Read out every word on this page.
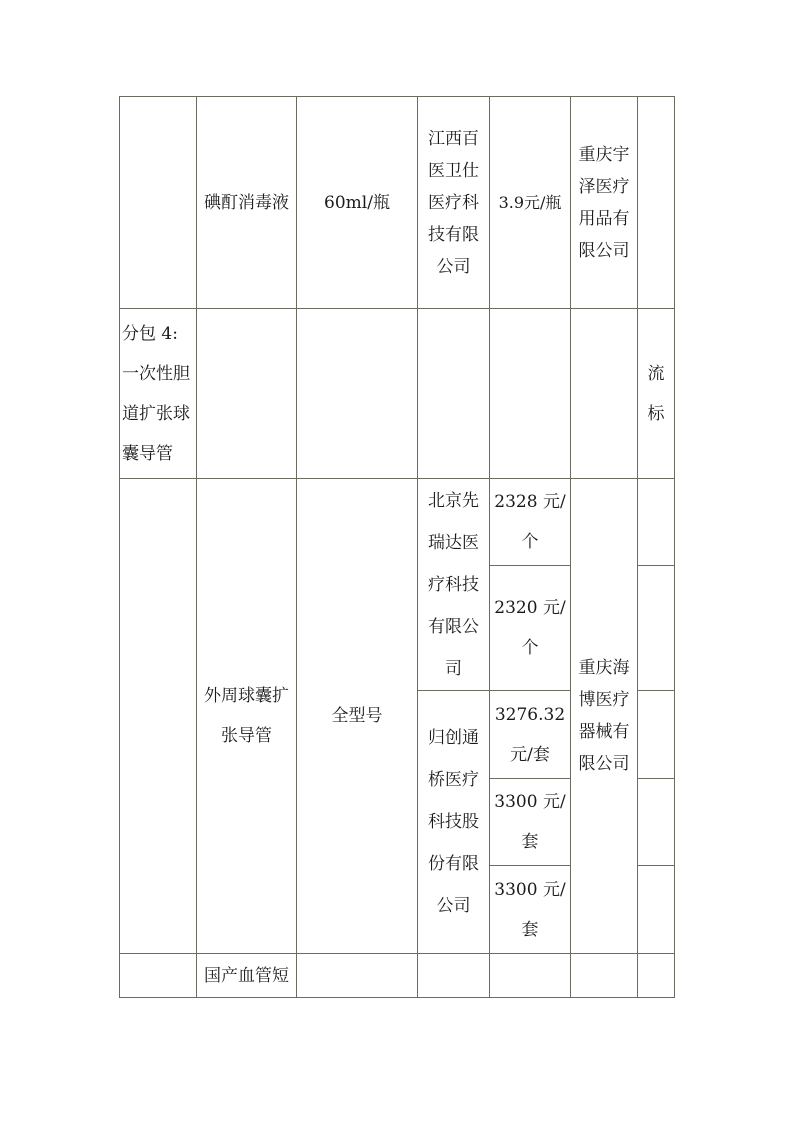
	碘酊消毒液	60ml/瓶	江西百
医卫仕
医疗科
技有限
公司	3.9元/瓶	重庆宇
泽医疗
用品有
限公司	

分包 4:
一次性胆
道扩张球
囊导管						流
标

	外周球囊扩
张导管	全型号	北京先
瑞达医
疗科技
有限公
司	2328 元/
个	重庆海
博医疗
器械有
限公司	

				2320 元/
个		

			归创通
桥医疗
科技股
份有限
公司	3276.32
元/套		

				3300 元/
套		

				3300 元/
套		

	国产血管短					
